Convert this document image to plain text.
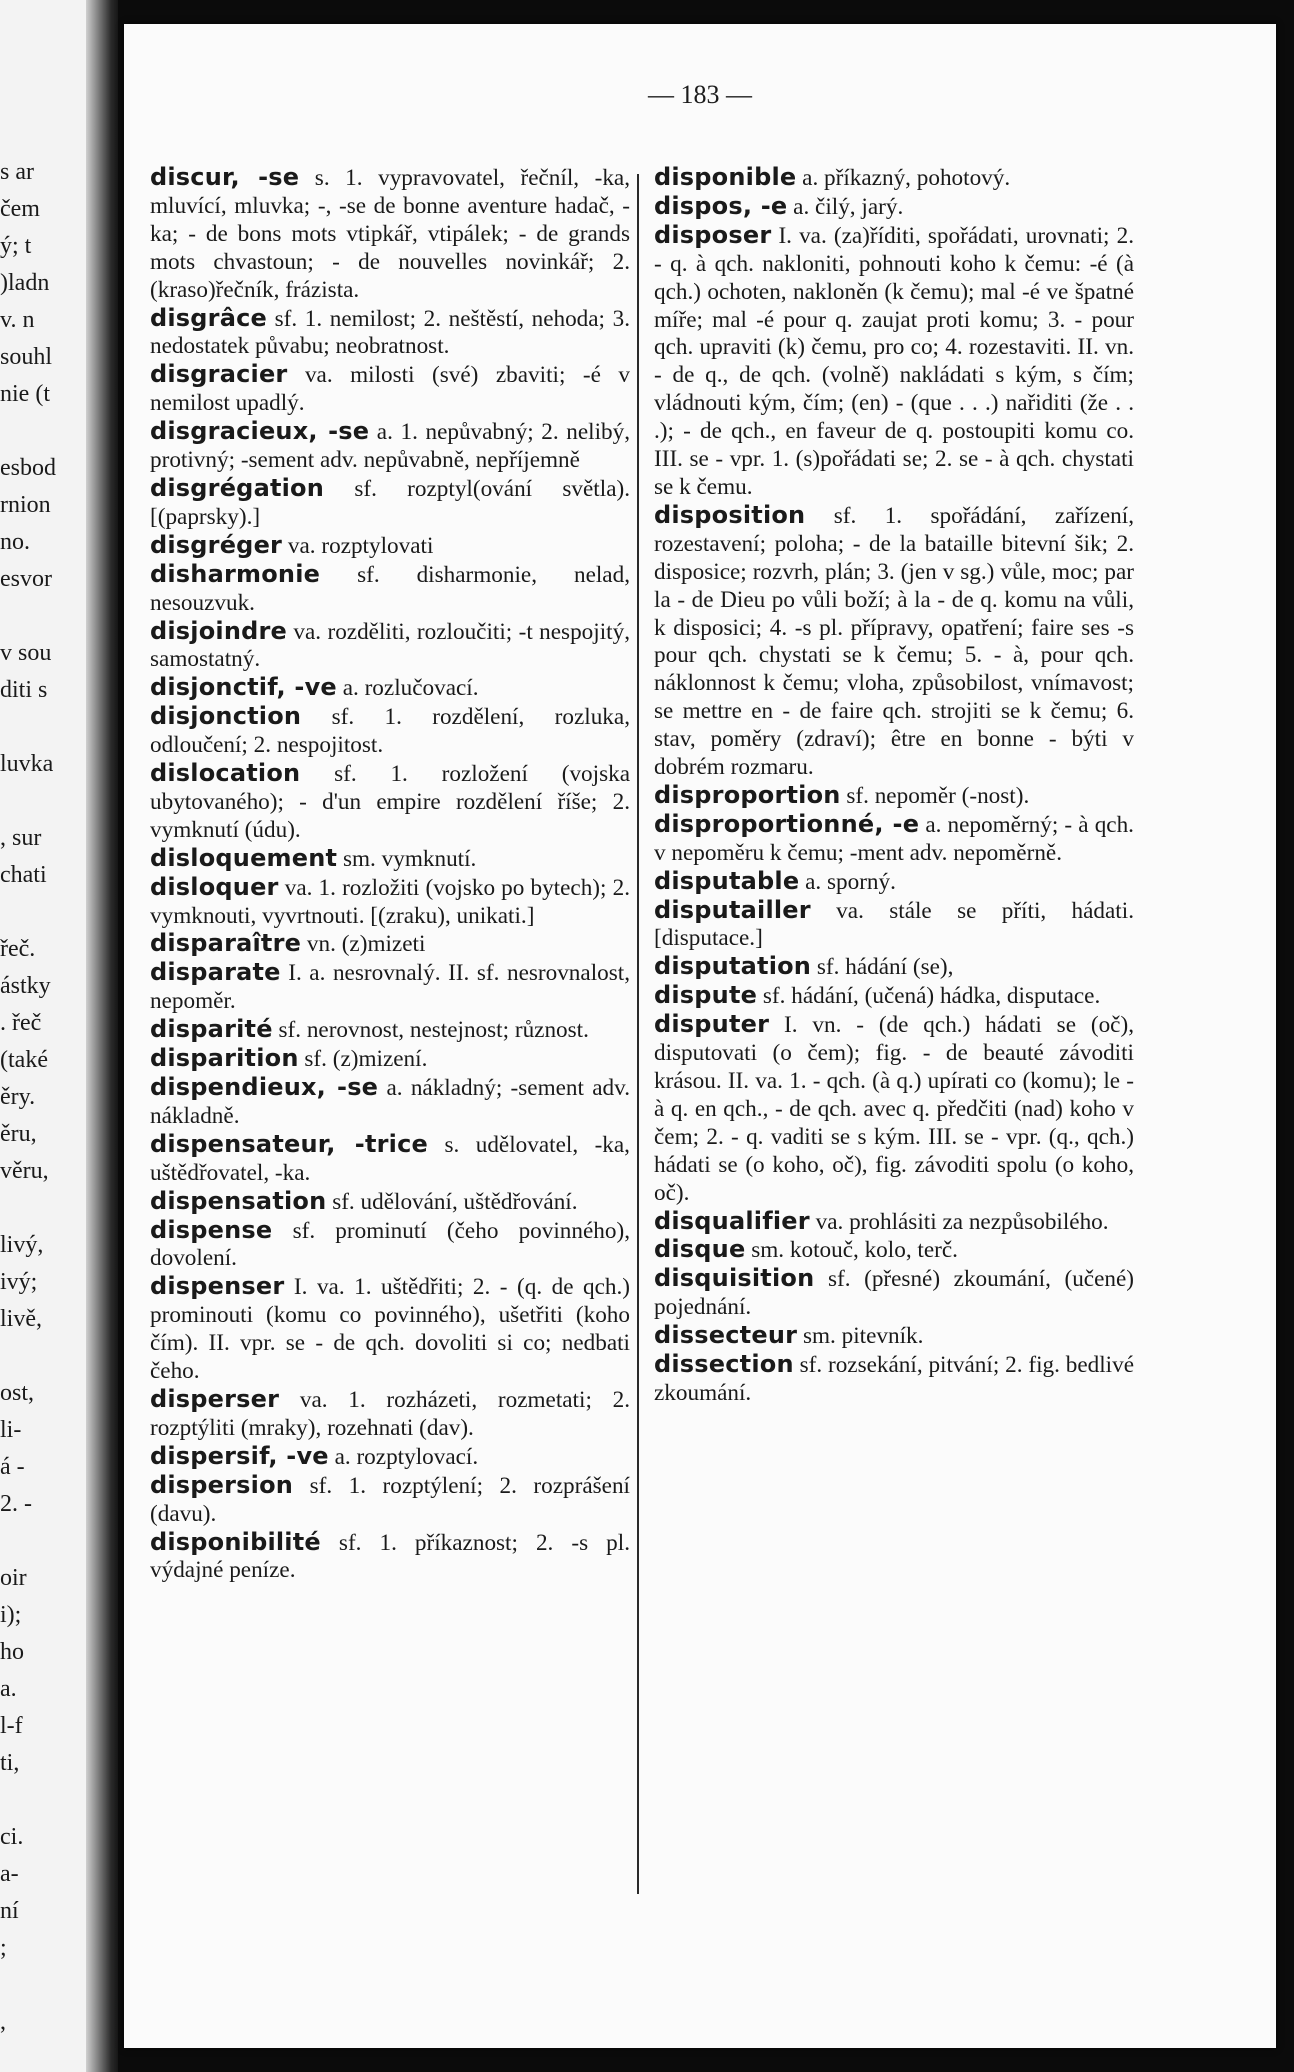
s ar
čem
ý; t
)ladn
v. n
souhl
nie (t
esbod
rnion
no.
esvor
v sou
diti s
luvka
, sur
chati
řeč.
ástky
. řeč
(také
ěry.
ěru,
věru,
livý,
ivý;
livě,
ost,
li-
á -
2. -
oir
i);
ho
a.
l-f
ti,
ci.
a-
ní
;
,
— 183 —

discur, -se s. 1. vypravovatel, řečníl, -ka, mluvící, mluvka; -, -se de bonne aventure hadač, -ka; - de bons mots vtipkář, vtipálek; - de grands mots chvastoun; - de nouvelles novinkář; 2. (kraso)řečník, frázista.

disgrâce sf. 1. nemilost; 2. neštěstí, nehoda; 3. nedostatek půvabu; neobratnost.

disgracier va. milosti (své) zbaviti; -é v nemilost upadlý.

disgracieux, -se a. 1. nepůvabný; 2. nelibý, protivný; -sement adv. nepůvabně, nepříjemně

disgrégation sf. rozptyl(ování světla). [(paprsky).]

disgréger va. rozptylovati

disharmonie sf. disharmonie, nelad, nesouzvuk.

disjoindre va. rozděliti, rozloučiti; -t nespojitý, samostatný.

disjonctif, -ve a. rozlučovací.

disjonction sf. 1. rozdělení, rozluka, odloučení; 2. nespojitost.

dislocation sf. 1. rozložení (vojska ubytovaného); - d'un empire rozdělení říše; 2. vymknutí (údu).

disloquement sm. vymknutí.

disloquer va. 1. rozložiti (vojsko po bytech); 2. vymknouti, vyvrtnouti. [(zraku), unikati.]

disparaître vn. (z)mizeti

disparate I. a. nesrovnalý. II. sf. nesrovnalost, nepoměr.

disparité sf. nerovnost, nestejnost; různost.

disparition sf. (z)mizení.

dispendieux, -se a. nákladný; -sement adv. nákladně.

dispensateur, -trice s. udělovatel, -ka, uštědřovatel, -ka.

dispensation sf. udělování, uštědřování.

dispense sf. prominutí (čeho povinného), dovolení.

dispenser I. va. 1. uštědřiti; 2. - (q. de qch.) prominouti (komu co povinného), ušetřiti (koho čím). II. vpr. se - de qch. dovoliti si co; nedbati čeho.

disperser va. 1. rozházeti, rozmetati; 2. rozptýliti (mraky), rozehnati (dav).

dispersif, -ve a. rozptylovací.

dispersion sf. 1. rozptýlení; 2. rozprášení (davu).

disponibilité sf. 1. příkaznost; 2. -s pl. výdajné peníze.

disponible a. příkazný, pohotový.

dispos, -e a. čilý, jarý.

disposer I. va. (za)říditi, spořádati, urovnati; 2. - q. à qch. nakloniti, pohnouti koho k čemu: -é (à qch.) ochoten, nakloněn (k čemu); mal -é ve špatné míře; mal -é pour q. zaujat proti komu; 3. - pour qch. upraviti (k) čemu, pro co; 4. rozestaviti. II. vn. - de q., de qch. (volně) nakládati s kým, s čím; vládnouti kým, čím; (en) - (que . . .) nařiditi (že . . .); - de qch., en faveur de q. postoupiti komu co. III. se - vpr. 1. (s)pořádati se; 2. se - à qch. chystati se k čemu.

disposition sf. 1. spořádání, zařízení, rozestavení; poloha; - de la bataille bitevní šik; 2. disposice; rozvrh, plán; 3. (jen v sg.) vůle, moc; par la - de Dieu po vůli boží; à la - de q. komu na vůli, k disposici; 4. -s pl. přípravy, opatření; faire ses -s pour qch. chystati se k čemu; 5. - à, pour qch. náklonnost k čemu; vloha, způsobilost, vnímavost; se mettre en - de faire qch. strojiti se k čemu; 6. stav, poměry (zdraví); être en bonne - býti v dobrém rozmaru.

disproportion sf. nepoměr (-nost).

disproportionné, -e a. nepoměrný; - à qch. v nepoměru k čemu; -ment adv. nepoměrně.

disputable a. sporný.

disputailler va. stále se příti, hádati. [disputace.]

disputation sf. hádání (se),

dispute sf. hádání, (učená) hádka, disputace.

disputer I. vn. - (de qch.) hádati se (oč), disputovati (o čem); fig. - de beauté závoditi krásou. II. va. 1. - qch. (à q.) upírati co (komu); le - à q. en qch., - de qch. avec q. předčiti (nad) koho v čem; 2. - q. vaditi se s kým. III. se - vpr. (q., qch.) hádati se (o koho, oč), fig. závoditi spolu (o koho, oč).

disqualifier va. prohlásiti za nezpůsobilého.

disque sm. kotouč, kolo, terč.

disquisition sf. (přesné) zkoumání, (učené) pojednání.

dissecteur sm. pitevník.

dissection sf. rozsekání, pitvání; 2. fig. bedlivé zkoumání.
